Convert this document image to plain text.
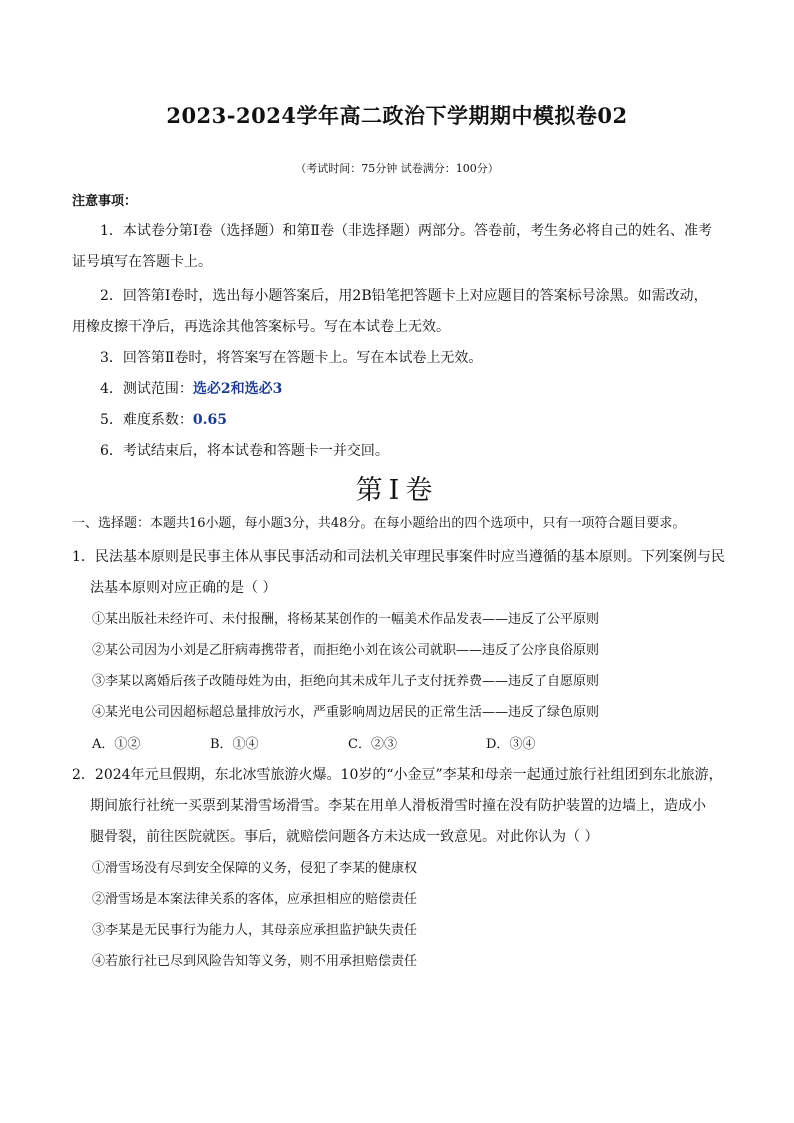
2023-2024学年高二政治下学期期中模拟卷02
（考试时间：75分钟 试卷满分：100分）
注意事项：
1．本试卷分第Ⅰ卷（选择题）和第Ⅱ卷（非选择题）两部分。答卷前，考生务必将自己的姓名、准考
证号填写在答题卡上。
2．回答第Ⅰ卷时，选出每小题答案后，用2B铅笔把答题卡上对应题目的答案标号涂黑。如需改动，
用橡皮擦干净后，再选涂其他答案标号。写在本试卷上无效。
3．回答第Ⅱ卷时，将答案写在答题卡上。写在本试卷上无效。
4．测试范围：选必2和选必3
5．难度系数：0.65
6．考试结束后，将本试卷和答题卡一并交回。
第Ⅰ卷
一、选择题：本题共16小题，每小题3分，共48分。在每小题给出的四个选项中，只有一项符合题目要求。
1．民法基本原则是民事主体从事民事活动和司法机关审理民事案件时应当遵循的基本原则。下列案例与民
法基本原则对应正确的是（ ）
①某出版社未经许可、未付报酬，将杨某某创作的一幅美术作品发表——违反了公平原则
②某公司因为小刘是乙肝病毒携带者，而拒绝小刘在该公司就职——违反了公序良俗原则
③李某以离婚后孩子改随母姓为由，拒绝向其未成年儿子支付抚养费——违反了自愿原则
④某光电公司因超标超总量排放污水，严重影响周边居民的正常生活——违反了绿色原则
A．①②	B．①④	C．②③	D．③④
2．2024年元旦假期，东北冰雪旅游火爆。10岁的“小金豆”李某和母亲一起通过旅行社组团到东北旅游，
期间旅行社统一买票到某滑雪场滑雪。李某在用单人滑板滑雪时撞在没有防护装置的边墙上，造成小
腿骨裂，前往医院就医。事后，就赔偿问题各方未达成一致意见。对此你认为（ ）
①滑雪场没有尽到安全保障的义务，侵犯了李某的健康权
②滑雪场是本案法律关系的客体，应承担相应的赔偿责任
③李某是无民事行为能力人，其母亲应承担监护缺失责任
④若旅行社已尽到风险告知等义务，则不用承担赔偿责任
